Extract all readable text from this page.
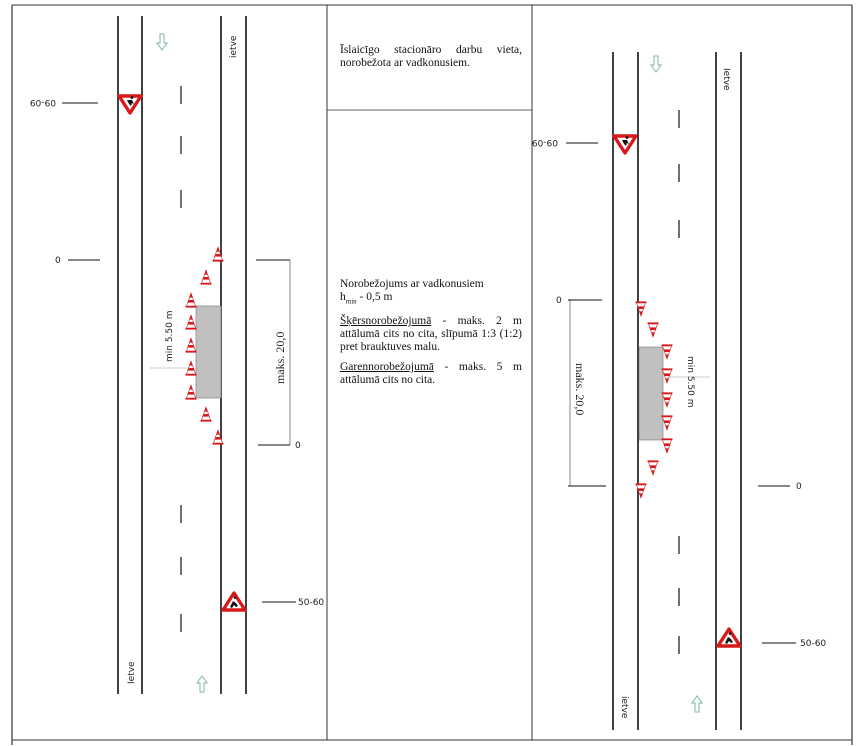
09-09
0
0
50-60
ietve
Ietve
min 5.50 m
09-09
0
0
50-60
Ietve
ietve
min 5.50 m
maks. 20,0
maks. 20,0

Īslaicīgo stacionāro darbu vieta, norobežota ar vadkonusiem.

Norobežojums ar vadkonusiem
$h_{min} - 0,5$ m

Šķērsnorobežojumā - maks. 2 m attālumā cits no cita, slīpumā 1:3 (1:2) pret brauktuves malu.

Garennorobežojumā - maks. 5 m attālumā cits no cita.
